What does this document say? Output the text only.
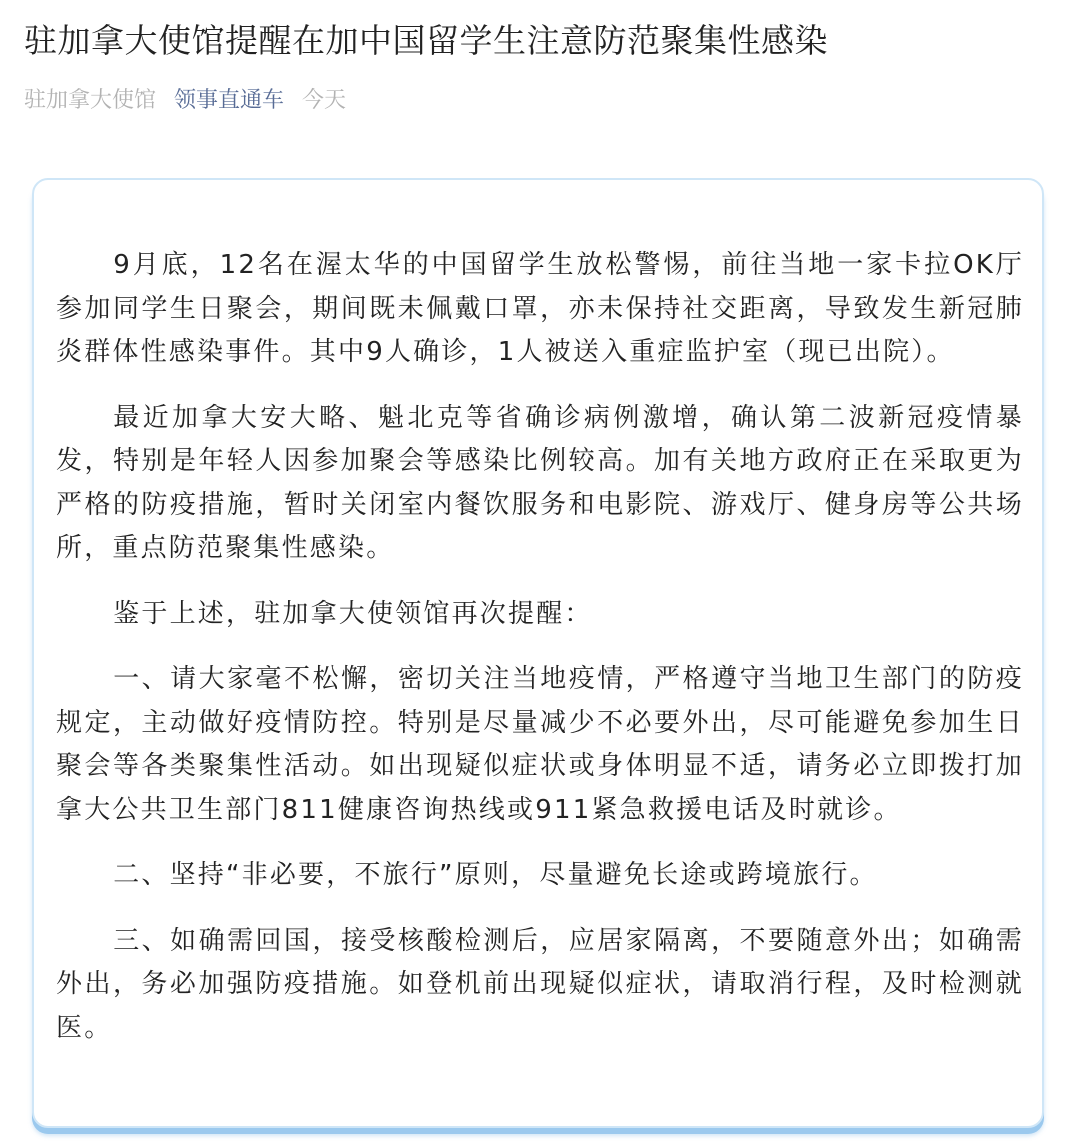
驻加拿大使馆提醒在加中国留学生注意防范聚集性感染
驻加拿大使馆 领事直通车 今天

9月底，12名在渥太华的中国留学生放松警惕，前往当地一家卡拉OK厅参加同学生日聚会，期间既未佩戴口罩，亦未保持社交距离，导致发生新冠肺炎群体性感染事件。其中9人确诊，1人被送入重症监护室（现已出院）。

最近加拿大安大略、魁北克等省确诊病例激增，确认第二波新冠疫情暴发，特别是年轻人因参加聚会等感染比例较高。加有关地方政府正在采取更为严格的防疫措施，暂时关闭室内餐饮服务和电影院、游戏厅、健身房等公共场所，重点防范聚集性感染。

鉴于上述，驻加拿大使领馆再次提醒：

一、请大家毫不松懈，密切关注当地疫情，严格遵守当地卫生部门的防疫规定，主动做好疫情防控。特别是尽量减少不必要外出，尽可能避免参加生日聚会等各类聚集性活动。如出现疑似症状或身体明显不适，请务必立即拨打加拿大公共卫生部门811健康咨询热线或911紧急救援电话及时就诊。

二、坚持“非必要，不旅行”原则，尽量避免长途或跨境旅行。

三、如确需回国，接受核酸检测后，应居家隔离，不要随意外出；如确需外出，务必加强防疫措施。如登机前出现疑似症状，请取消行程，及时检测就医。
